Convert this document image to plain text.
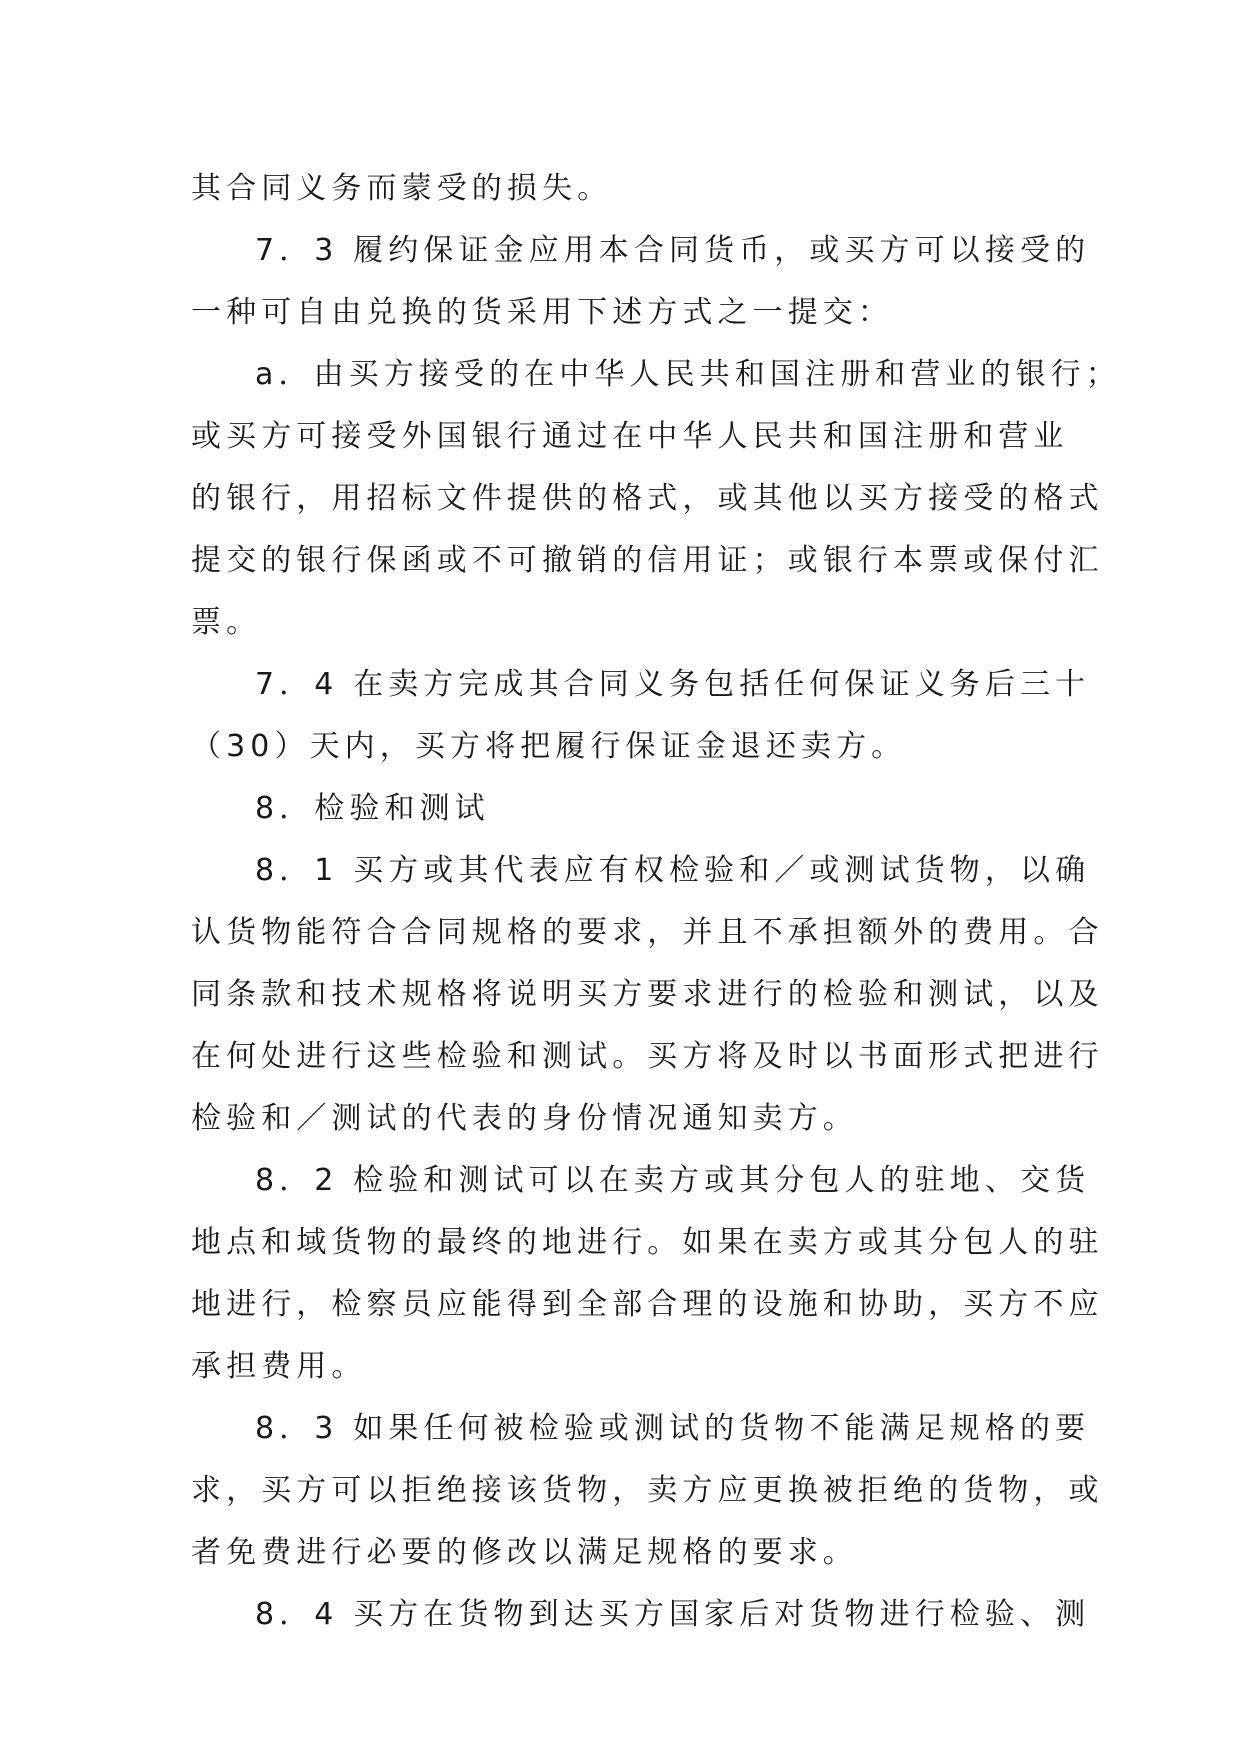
其合同义务而蒙受的损失。
7．3 履约保证金应用本合同货币，或买方可以接受的
一种可自由兑换的货采用下述方式之一提交：
a．由买方接受的在中华人民共和国注册和营业的银行；
或买方可接受外国银行通过在中华人民共和国注册和营业
的银行，用招标文件提供的格式，或其他以买方接受的格式
提交的银行保函或不可撤销的信用证；或银行本票或保付汇
票。
7．4 在卖方完成其合同义务包括任何保证义务后三十
（30）天内，买方将把履行保证金退还卖方。
8．检验和测试
8．1 买方或其代表应有权检验和／或测试货物，以确
认货物能符合合同规格的要求，并且不承担额外的费用。合
同条款和技术规格将说明买方要求进行的检验和测试，以及
在何处进行这些检验和测试。买方将及时以书面形式把进行
检验和／测试的代表的身份情况通知卖方。
8．2 检验和测试可以在卖方或其分包人的驻地、交货
地点和域货物的最终的地进行。如果在卖方或其分包人的驻
地进行，检察员应能得到全部合理的设施和协助，买方不应
承担费用。
8．3 如果任何被检验或测试的货物不能满足规格的要
求，买方可以拒绝接该货物，卖方应更换被拒绝的货物，或
者免费进行必要的修改以满足规格的要求。
8．4 买方在货物到达买方国家后对货物进行检验、测
